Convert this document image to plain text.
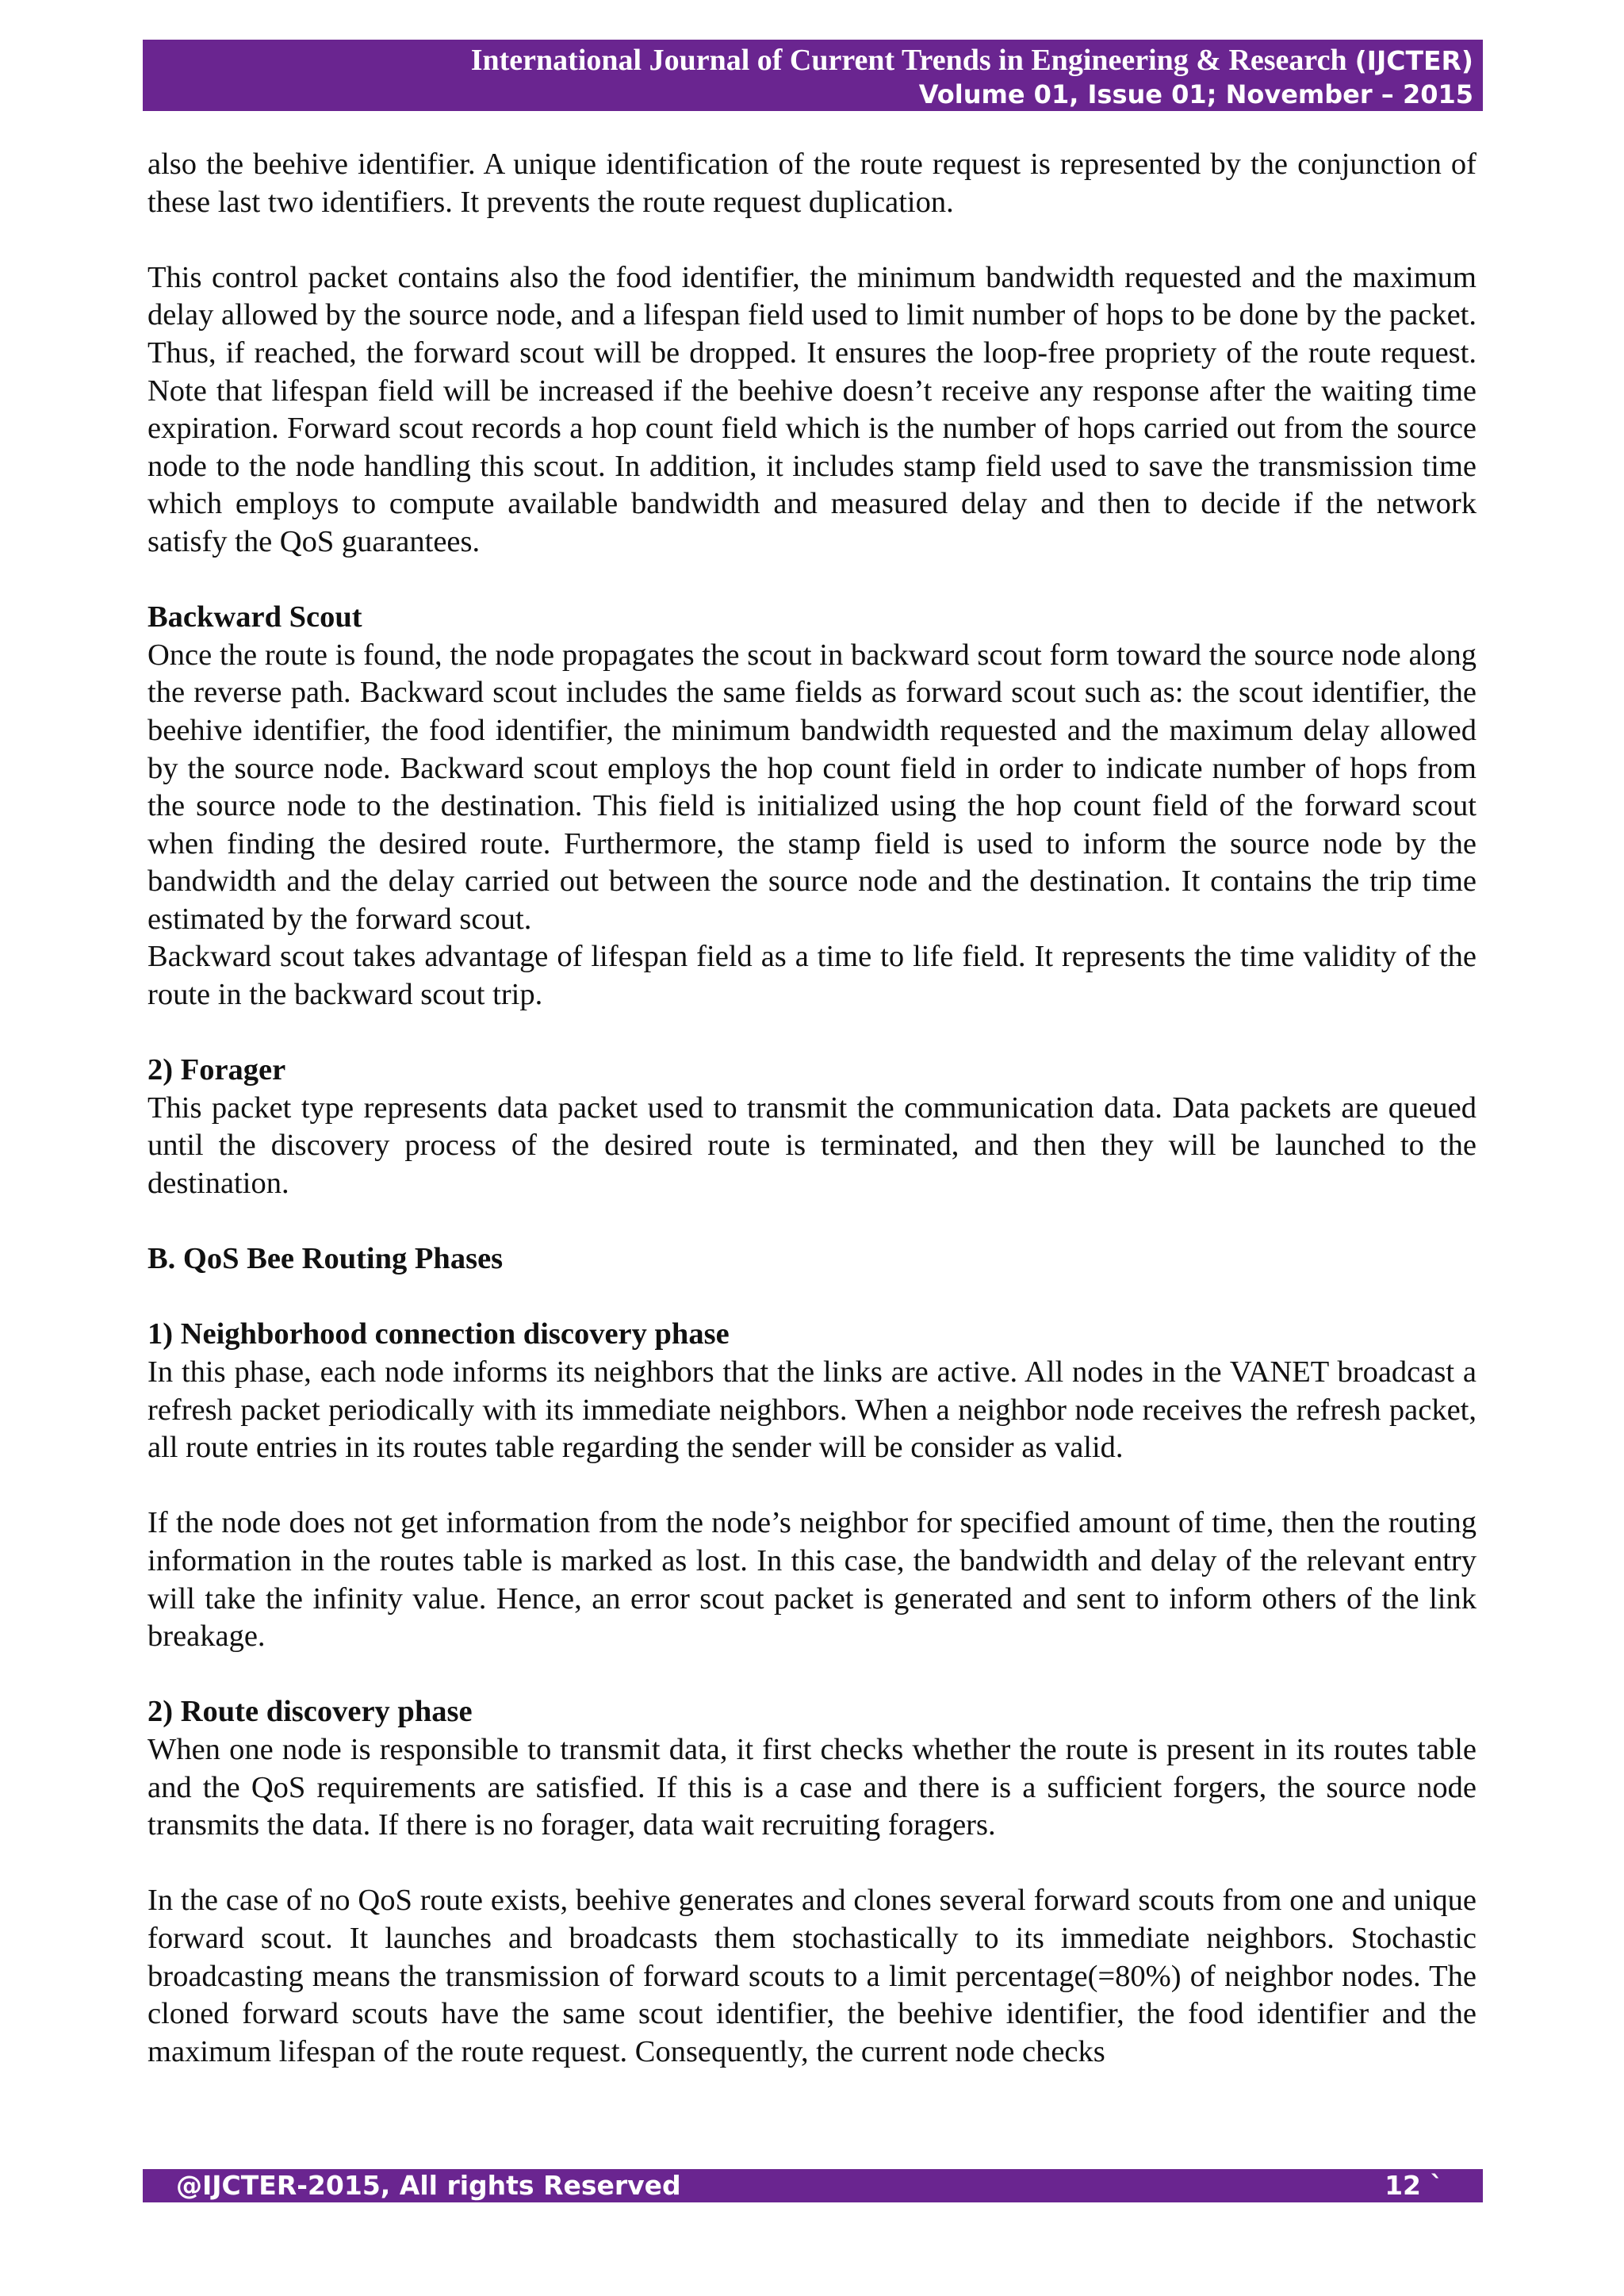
International Journal of Current Trends in Engineering & Research (IJCTER)
Volume 01, Issue 01; November – 2015

also the beehive identifier. A unique identification of the route request is represented by the conjunction of these last two identifiers. It prevents the route request duplication.

This control packet contains also the food identifier, the minimum bandwidth requested and the maximum delay allowed by the source node, and a lifespan field used to limit number of hops to be done by the packet. Thus, if reached, the forward scout will be dropped. It ensures the loop-free propriety of the route request. Note that lifespan field will be increased if the beehive doesn’t receive any response after the waiting time expiration. Forward scout records a hop count field which is the number of hops carried out from the source node to the node handling this scout. In addition, it includes stamp field used to save the transmission time which employs to compute available bandwidth and measured delay and then to decide if the network satisfy the QoS guarantees.

Backward Scout

Once the route is found, the node propagates the scout in backward scout form toward the source node along the reverse path. Backward scout includes the same fields as forward scout such as: the scout identifier, the beehive identifier, the food identifier, the minimum bandwidth requested and the maximum delay allowed by the source node. Backward scout employs the hop count field in order to indicate number of hops from the source node to the destination. This field is initialized using the hop count field of the forward scout when finding the desired route. Furthermore, the stamp field is used to inform the source node by the bandwidth and the delay carried out between the source node and the destination. It contains the trip time estimated by the forward scout.

Backward scout takes advantage of lifespan field as a time to life field. It represents the time validity of the route in the backward scout trip.

2) Forager

This packet type represents data packet used to transmit the communication data. Data packets are queued until the discovery process of the desired route is terminated, and then they will be launched to the destination.

B. QoS Bee Routing Phases

1) Neighborhood connection discovery phase

In this phase, each node informs its neighbors that the links are active. All nodes in the VANET broadcast a refresh packet periodically with its immediate neighbors. When a neighbor node receives the refresh packet, all route entries in its routes table regarding the sender will be consider as valid.

If the node does not get information from the node’s neighbor for specified amount of time, then the routing information in the routes table is marked as lost. In this case, the bandwidth and delay of the relevant entry will take the infinity value. Hence, an error scout packet is generated and sent to inform others of the link breakage.

2) Route discovery phase

When one node is responsible to transmit data, it first checks whether the route is present in its routes table and the QoS requirements are satisfied. If this is a case and there is a sufficient forgers, the source node transmits the data. If there is no forager, data wait recruiting foragers.

In the case of no QoS route exists, beehive generates and clones several forward scouts from one and unique forward scout. It launches and broadcasts them stochastically to its immediate neighbors. Stochastic broadcasting means the transmission of forward scouts to a limit percentage(=80%) of neighbor nodes. The cloned forward scouts have the same scout identifier, the beehive identifier, the food identifier and the maximum lifespan of the route request. Consequently, the current node checks

@IJCTER-2015, All rights Reserved	12 `
